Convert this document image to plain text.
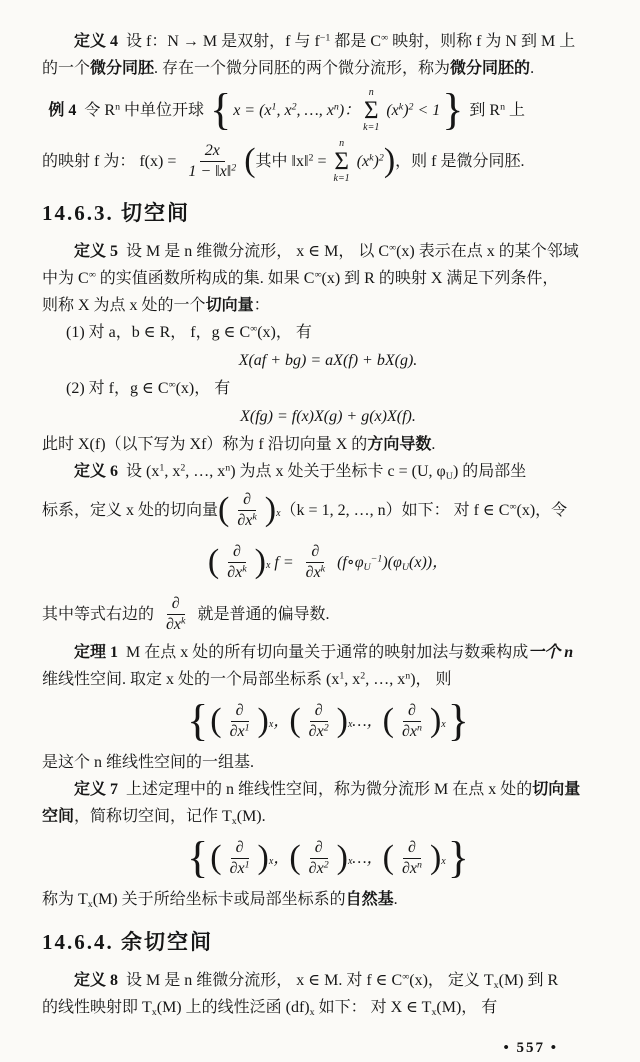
定义 4  设 f：N → M 是双射，f 与 $f^{-1}$ 都是 C∞ 映射，则称 f 为 N 到 M 上

的一个微分同胚. 存在一个微分同胚的两个微分流形，称为微分同胚的.

例 4  令 $R^n$ 中单位开球 { $x = (x^1$, $x^2$, …, $x^n$)：
n
Σ
k=1
$(x^k)^2 < 1$ } 到 $R^n$ 上
的映射 f 为： $f(x) = \frac{2x}{1 - ‖x‖^2}$ ( 其中 ‖x‖$^2$ =
n
Σ
k=1
$(x^k)^2$ ) ，则 f 是微分同胚.
14.6.3. 切空间

定义 5  设 M 是 n 维微分流形， x ∈ M， 以 C∞(x) 表示在点 x 的某个邻域

中为 C∞ 的实值函数所构成的集. 如果 C∞(x) 到 R 的映射 X 满足下列条件，

则称 X 为点 x 处的一个切向量：

(1) 对 a，b ∈ R， f，g ∈ C∞(x)， 有

X(af + bg) = aX(f) + bX(g).

(2) 对 f，g ∈ C∞(x)， 有

X(fg) = f(x)X(g) + g(x)X(f).

此时 X(f)（以下写为 Xf）称为 f 沿切向量 X 的方向导数.

定义 6  设 ($x^1$, $x^2$, …, $x^n$) 为点 x 处关于坐标卡 c = (U, $\varphi_U$) 的局部坐

标系，定义 x 处的切向量 ( $\frac{\partial}{\partial x^k}$ ) x （k = 1, 2, …, n）如下： 对 f ∈ C∞(x)，令
( $\frac{\partial}{\partial x^k}$ ) x $f = \frac{\partial}{\partial x^k}$ $(f\circ\varphi_U^{-1})(\varphi_U(x))$，
其中等式右边的 $\frac{\partial}{\partial x^k}$ 就是普通的偏导数.

定理 1  M 在点 x 处的所有切向量关于通常的映射加法与数乘构成一个 n

维线性空间. 取定 x 处的一个局部坐标系 ($x^1$, $x^2$, …, $x^n$)， 则

{ ( $\frac{\partial}{\partial x^1}$ ) x ， ( $\frac{\partial}{\partial x^2}$ ) x …， ( $\frac{\partial}{\partial x^n}$ ) x }

是这个 n 维线性空间的一组基.

定义 7  上述定理中的 n 维线性空间，称为微分流形 M 在点 x 处的切向量

空间，简称切空间，记作 $T_x(M)$.

{ ( $\frac{\partial}{\partial x^1}$ ) x ， ( $\frac{\partial}{\partial x^2}$ ) x …， ( $\frac{\partial}{\partial x^n}$ ) x }

称为 $T_x(M)$ 关于所给坐标卡或局部坐标系的自然基.

14.6.4. 余切空间

定义 8  设 M 是 n 维微分流形， x ∈ M. 对 f ∈ C∞(x)， 定义 $T_x(M)$ 到 R

的线性映射即 $T_x(M)$ 上的线性泛函 $(df)_x$ 如下： 对 X ∈ $T_x(M)$， 有

• 557 •
